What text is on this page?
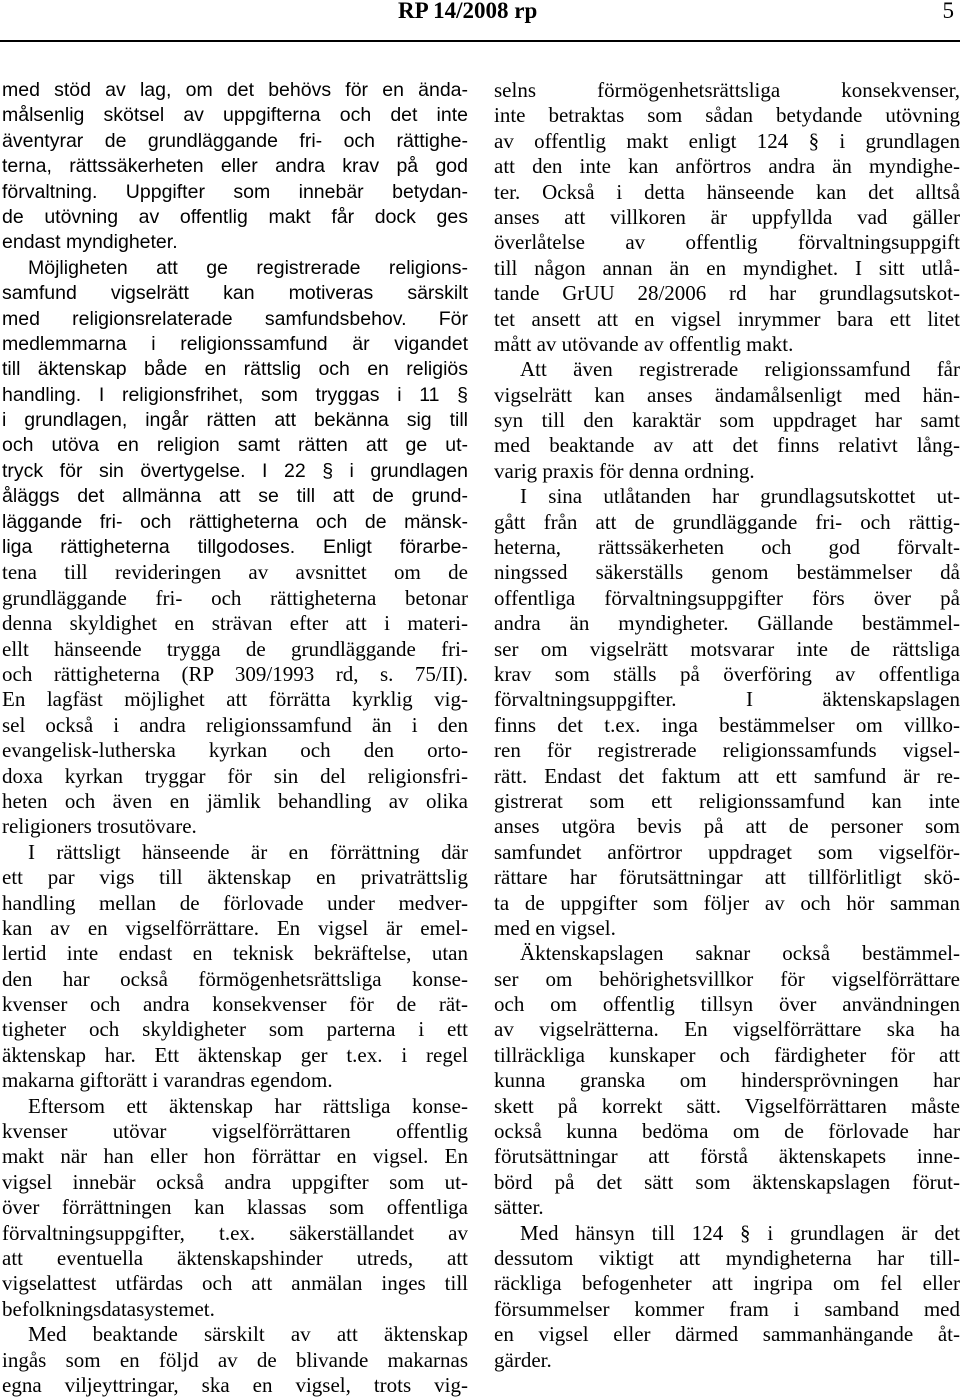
RP 14/2008 rp	5
med stöd av lag, om det behövs för en ända-
målsenlig skötsel av uppgifterna och det inte
äventyrar de grundläggande fri- och rättighe-
terna, rättssäkerheten eller andra krav på god
förvaltning. Uppgifter som innebär betydan-
de utövning av offentlig makt får dock ges
endast myndigheter.
Möjligheten att ge registrerade religions-
samfund vigselrätt kan motiveras särskilt
med religionsrelaterade samfundsbehov. För
medlemmarna i religionssamfund är vigandet
till äktenskap både en rättslig och en religiös
handling. I religionsfrihet, som tryggas i 11 §
i grundlagen, ingår rätten att bekänna sig till
och utöva en religion samt rätten att ge ut-
tryck för sin övertygelse. I 22 § i grundlagen
åläggs det allmänna att se till att de grund-
läggande fri- och rättigheterna och de mänsk-
liga rättigheterna tillgodoses. Enligt förarbe-
tena till revideringen av avsnittet om de
grundläggande fri- och rättigheterna betonar
denna skyldighet en strävan efter att i materi-
ellt hänseende trygga de grundläggande fri-
och rättigheterna (RP 309/1993 rd, s. 75/II).
En lagfäst möjlighet att förrätta kyrklig vig-
sel också i andra religionssamfund än i den
evangelisk-lutherska kyrkan och den orto-
doxa kyrkan tryggar för sin del religionsfri-
heten och även en jämlik behandling av olika
religioners trosutövare.
I rättsligt hänseende är en förrättning där
ett par vigs till äktenskap en privaträttslig
handling mellan de förlovade under medver-
kan av en vigselförrättare. En vigsel är emel-
lertid inte endast en teknisk bekräftelse, utan
den har också förmögenhetsrättsliga konse-
kvenser och andra konsekvenser för de rät-
tigheter och skyldigheter som parterna i ett
äktenskap har. Ett äktenskap ger t.ex. i regel
makarna giftorätt i varandras egendom.
Eftersom ett äktenskap har rättsliga konse-
kvenser utövar vigselförrättaren offentlig
makt när han eller hon förrättar en vigsel. En
vigsel innebär också andra uppgifter som ut-
över förrättningen kan klassas som offentliga
förvaltningsuppgifter, t.ex. säkerställandet av
att eventuella äktenskapshinder utreds, att
vigselattest utfärdas och att anmälan inges till
befolkningsdatasystemet.
Med beaktande särskilt av att äktenskap
ingås som en följd av de blivande makarnas
egna viljeyttringar, ska en vigsel, trots vig-
selns förmögenhetsrättsliga konsekvenser,
inte betraktas som sådan betydande utövning
av offentlig makt enligt 124 § i grundlagen
att den inte kan anförtros andra än myndighe-
ter. Också i detta hänseende kan det alltså
anses att villkoren är uppfyllda vad gäller
överlåtelse av offentlig förvaltningsuppgift
till någon annan än en myndighet. I sitt utlå-
tande GrUU 28/2006 rd har grundlagsutskot-
tet ansett att en vigsel inrymmer bara ett litet
mått av utövande av offentlig makt.
Att även registrerade religionssamfund får
vigselrätt kan anses ändamålsenligt med hän-
syn till den karaktär som uppdraget har samt
med beaktande av att det finns relativt lång-
varig praxis för denna ordning.
I sina utlåtanden har grundlagsutskottet ut-
gått från att de grundläggande fri- och rättig-
heterna, rättssäkerheten och god förvalt-
ningssed säkerställs genom bestämmelser då
offentliga förvaltningsuppgifter förs över på
andra än myndigheter. Gällande bestämmel-
ser om vigselrätt motsvarar inte de rättsliga
krav som ställs på överföring av offentliga
förvaltningsuppgifter. I äktenskapslagen
finns det t.ex. inga bestämmelser om villko-
ren för registrerade religionssamfunds vigsel-
rätt. Endast det faktum att ett samfund är re-
gistrerat som ett religionssamfund kan inte
anses utgöra bevis på att de personer som
samfundet anförtror uppdraget som vigselför-
rättare har förutsättningar att tillförlitligt skö-
ta de uppgifter som följer av och hör samman
med en vigsel.
Äktenskapslagen saknar också bestämmel-
ser om behörighetsvillkor för vigselförrättare
och om offentlig tillsyn över användningen
av vigselrätterna. En vigselförrättare ska ha
tillräckliga kunskaper och färdigheter för att
kunna granska om hindersprövningen har
skett på korrekt sätt. Vigselförrättaren måste
också kunna bedöma om de förlovade har
förutsättningar att förstå äktenskapets inne-
börd på det sätt som äktenskapslagen förut-
sätter.
Med hänsyn till 124 § i grundlagen är det
dessutom viktigt att myndigheterna har till-
räckliga befogenheter att ingripa om fel eller
försummelser kommer fram i samband med
en vigsel eller därmed sammanhängande åt-
gärder.
